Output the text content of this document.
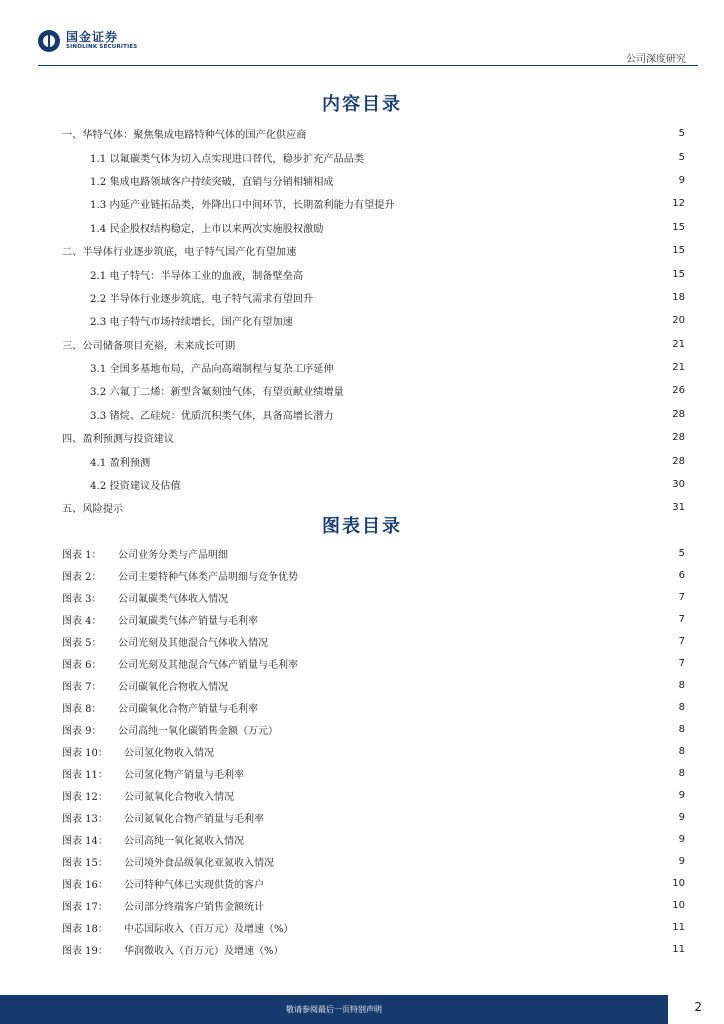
国金证券
SINOLINK SECURITIES
公司深度研究
内容目录
一、华特气体：聚焦集成电路特种气体的国产化供应商	5
1.1 以氟碳类气体为切入点实现进口替代，稳步扩充产品品类	5
1.2 集成电路领域客户持续突破，直销与分销相辅相成	9
1.3 内延产业链拓品类，外降出口中间环节，长期盈利能力有望提升	12
1.4 民企股权结构稳定，上市以来两次实施股权激励	15
二、半导体行业逐步筑底，电子特气国产化有望加速	15
2.1 电子特气：半导体工业的血液，制备壁垒高	15
2.2 半导体行业逐步筑底，电子特气需求有望回升	18
2.3 电子特气市场持续增长，国产化有望加速	20
三、公司储备项目充裕，未来成长可期	21
3.1 全国多基地布局，产品向高端制程与复杂工序延伸	21
3.2 六氟丁二烯：新型含氟刻蚀气体，有望贡献业绩增量	26
3.3 锗烷、乙硅烷：优质沉积类气体，具备高增长潜力	28
四、盈利预测与投资建议	28
4.1 盈利预测	28
4.2 投资建议及估值	30
五、风险提示	31
图表目录
图表 1：	公司业务分类与产品明细	5
图表 2：	公司主要特种气体类产品明细与竞争优势	6
图表 3：	公司氟碳类气体收入情况	7
图表 4：	公司氟碳类气体产销量与毛利率	7
图表 5：	公司光刻及其他混合气体收入情况	7
图表 6：	公司光刻及其他混合气体产销量与毛利率	7
图表 7：	公司碳氧化合物收入情况	8
图表 8：	公司碳氧化合物产销量与毛利率	8
图表 9：	公司高纯一氧化碳销售金额（万元）	8
图表 10：	公司氢化物收入情况	8
图表 11：	公司氢化物产销量与毛利率	8
图表 12：	公司氮氧化合物收入情况	9
图表 13：	公司氮氧化合物产销量与毛利率	9
图表 14：	公司高纯一氧化氮收入情况	9
图表 15：	公司境外食品级氧化亚氮收入情况	9
图表 16：	公司特种气体已实现供货的客户	10
图表 17：	公司部分终端客户销售金额统计	10
图表 18：	中芯国际收入（百万元）及增速（%）	11
图表 19：	华润微收入（百万元）及增速（%）	11
敬请参阅最后一页特别声明	2
